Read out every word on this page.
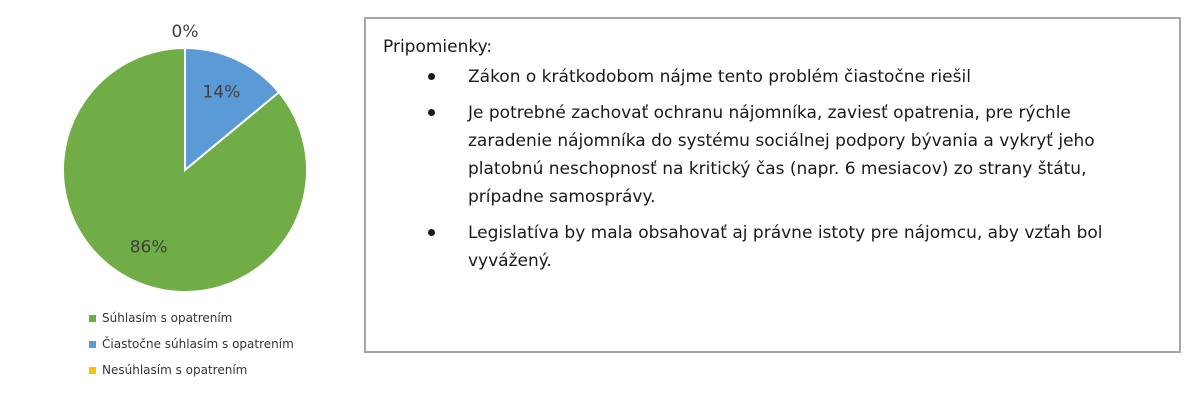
0%
14%
86%
Súhlasím s opatrením
Čiastočne súhlasím s opatrením
Nesúhlasím s opatrením
Pripomienky:
Zákon o krátkodobom nájme tento problém čiastočne riešil
Je potrebné zachovať ochranu nájomníka, zaviesť opatrenia, pre rýchle zaradenie nájomníka do systému sociálnej podpory bývania a vykryť jeho platobnú neschopnosť na kritický čas (napr. 6 mesiacov) zo strany štátu, prípadne samosprávy.
Legislatíva by mala obsahovať aj právne istoty pre nájomcu, aby vzťah bol vyvážený.
